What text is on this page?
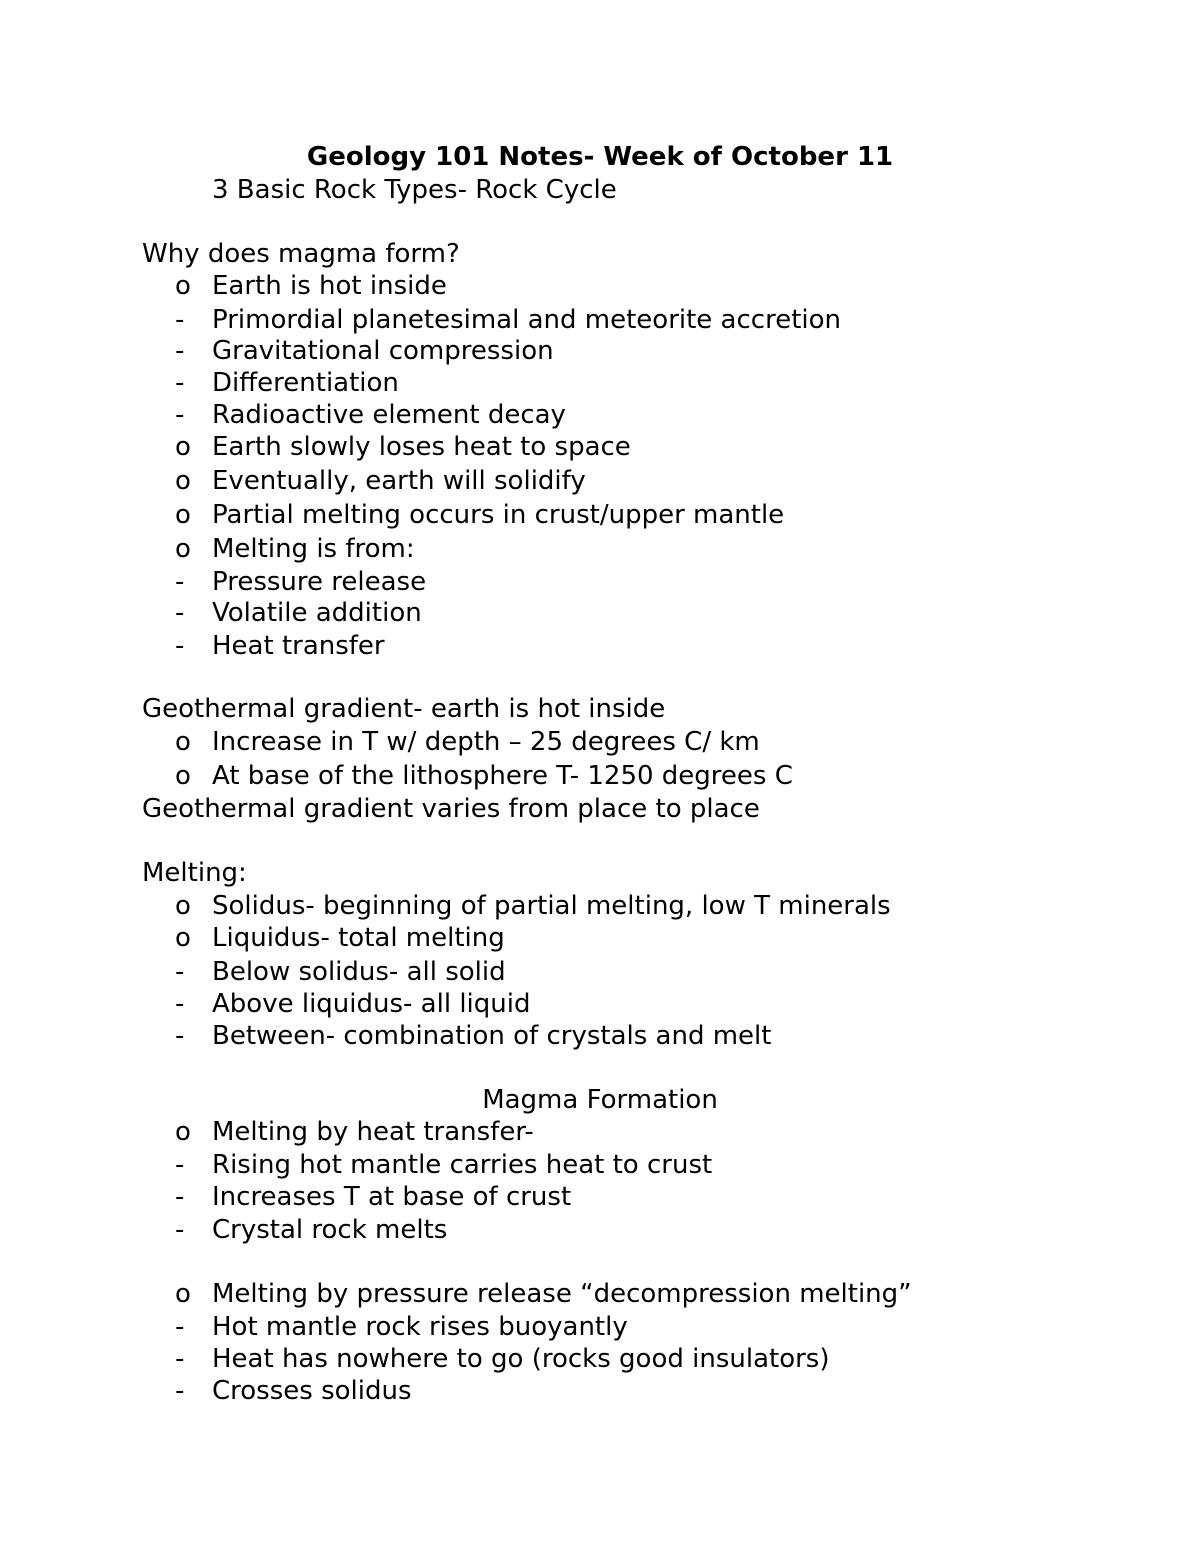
Geology 101 Notes- Week of October 11
3 Basic Rock Types- Rock Cycle
Why does magma form?
o Earth is hot inside
-	Primordial planetesimal and meteorite accretion
-	Gravitational compression
-	Differentiation
-	Radioactive element decay
o Earth slowly loses heat to space
o Eventually, earth will solidify
o Partial melting occurs in crust/upper mantle
o Melting is from:
-	Pressure release
-	Volatile addition
-	Heat transfer
Geothermal gradient- earth is hot inside
o Increase in T w/ depth – 25 degrees C/ km
o At base of the lithosphere T- 1250 degrees C
Geothermal gradient varies from place to place
Melting:
o Solidus- beginning of partial melting, low T minerals
o Liquidus- total melting
-	Below solidus- all solid
-	Above liquidus- all liquid
-	Between- combination of crystals and melt
Magma Formation
o Melting by heat transfer-
-	Rising hot mantle carries heat to crust
-	Increases T at base of crust
-	Crystal rock melts
o Melting by pressure release “decompression melting”
-	Hot mantle rock rises buoyantly
-	Heat has nowhere to go (rocks good insulators)
-	Crosses solidus
